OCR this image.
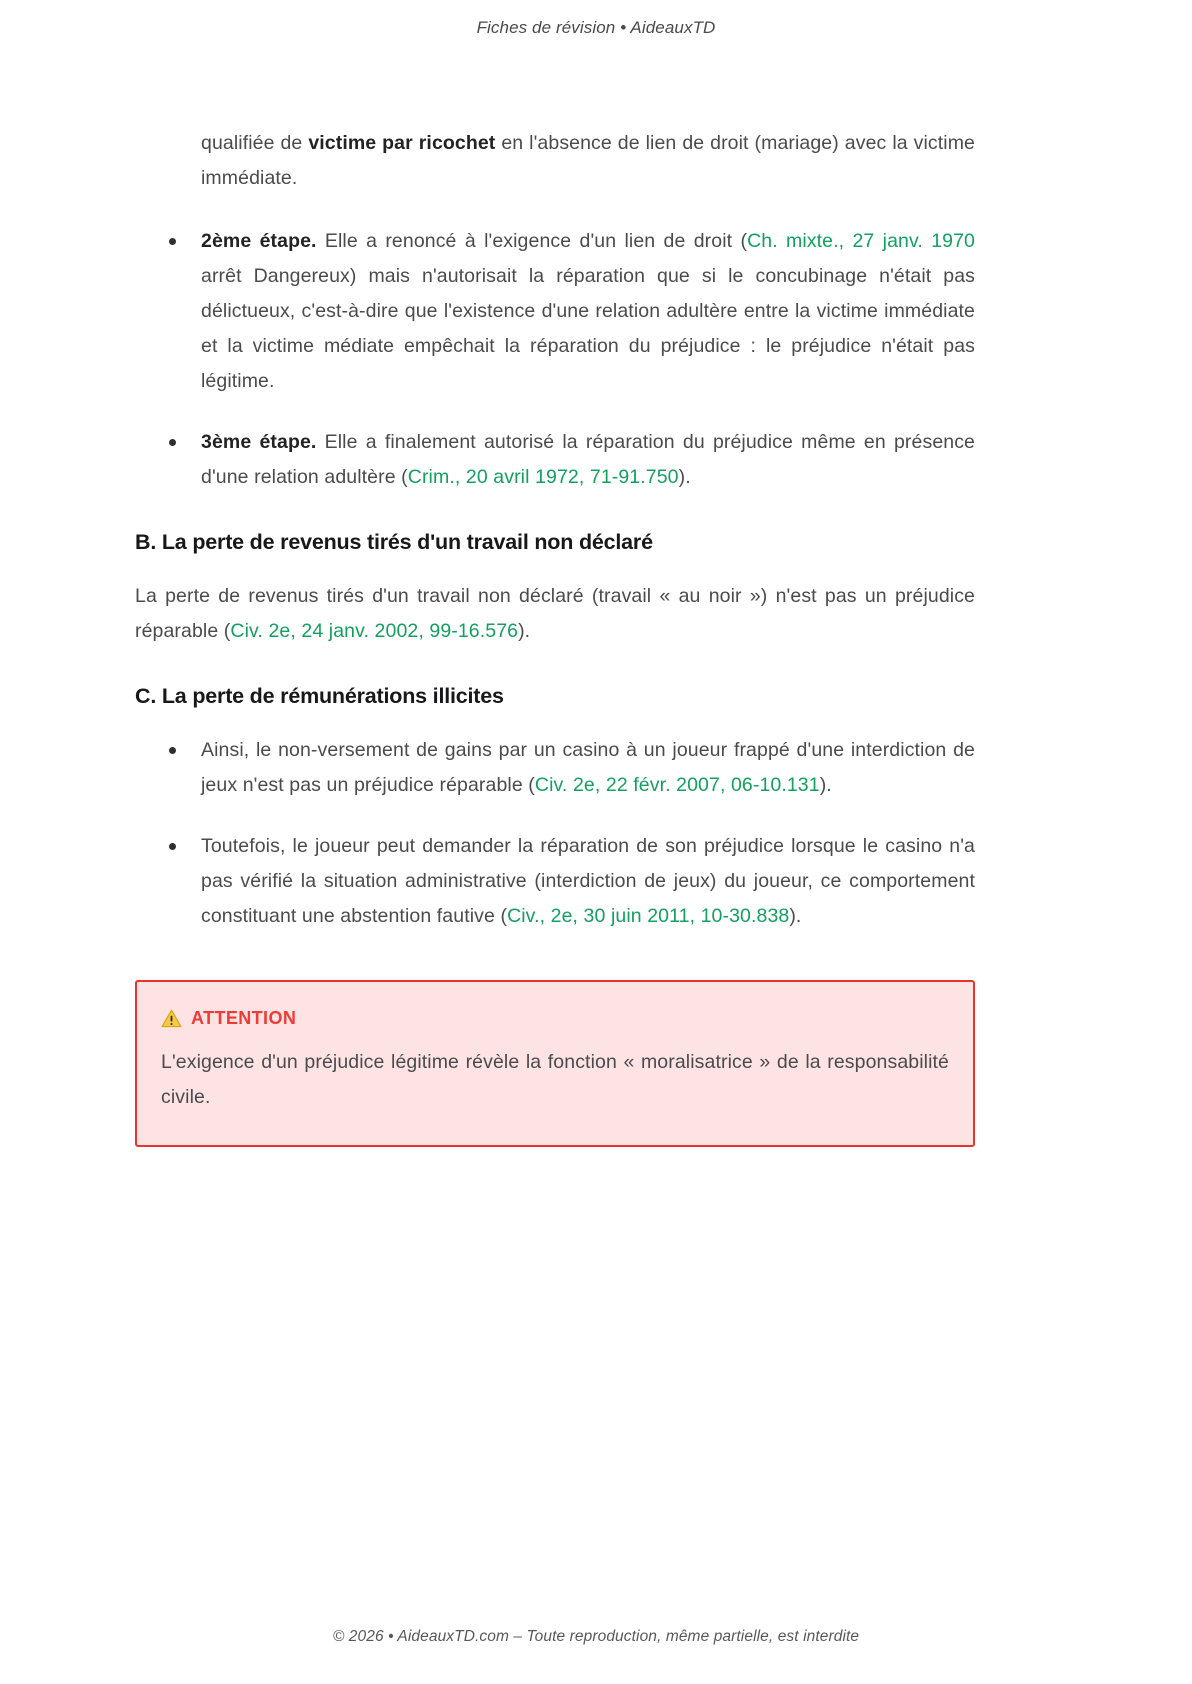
Fiches de révision • AideauxTD

qualifiée de victime par ricochet en l'absence de lien de droit (mariage) avec la victime immédiate.

2ème étape. Elle a renoncé à l'exigence d'un lien de droit (Ch. mixte., 27 janv. 1970 arrêt Dangereux) mais n'autorisait la réparation que si le concubinage n'était pas délictueux, c'est-à-dire que l'existence d'une relation adultère entre la victime immédiate et la victime médiate empêchait la réparation du préjudice : le préjudice n'était pas légitime.
3ème étape. Elle a finalement autorisé la réparation du préjudice même en présence d'une relation adultère (Crim., 20 avril 1972, 71-91.750).
B. La perte de revenus tirés d'un travail non déclaré

La perte de revenus tirés d'un travail non déclaré (travail « au noir ») n'est pas un préjudice réparable (Civ. 2e, 24 janv. 2002, 99-16.576).

C. La perte de rémunérations illicites
Ainsi, le non-versement de gains par un casino à un joueur frappé d'une interdiction de jeux n'est pas un préjudice réparable (Civ. 2e, 22 févr. 2007, 06-10.131).
Toutefois, le joueur peut demander la réparation de son préjudice lorsque le casino n'a pas vérifié la situation administrative (interdiction de jeux) du joueur, ce comportement constituant une abstention fautive (Civ., 2e, 30 juin 2011, 10-30.838).
ATTENTION

L'exigence d'un préjudice légitime révèle la fonction « moralisatrice » de la responsabilité civile.

© 2026 • AideauxTD.com – Toute reproduction, même partielle, est interdite
